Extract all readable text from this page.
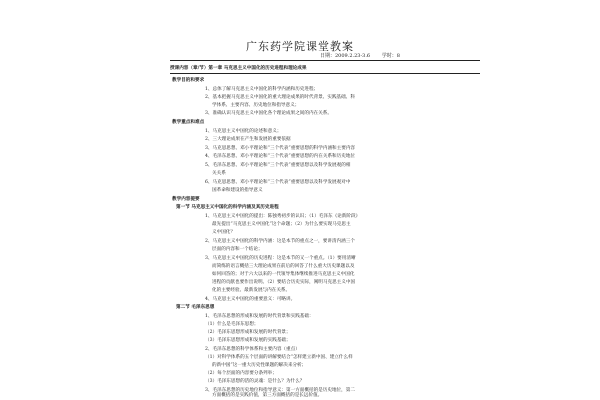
广东药学院课堂教案
日期：2009.2.23-3.6 学时：8
授课内容（章/节）第一章 马克思主义中国化的历史进程和理论成果
教学目的和要求
1、总体了解马克思主义中国化的科学内涵和历史进程；
2、基本把握马克思主义中国化的重大理论成果的时代背景、实践基础、科
学体系、主要内容、历史地位和指导意义；
3、准确认识马克思主义中国化各个理论成果之间的内在关系。
教学重点和难点
1、马克思主义中国化的论述和意义；
2、三大理论成果在产生和发展的重要依据
3、马克思思想、邓小平理论和“三个代表”重要思想的科学内涵和主要内容
4、毛泽东思想、邓小平理论和“三个代表”重要思想的内在关系和历史地位
5、毛泽东思想、邓小平理论和“三个代表”重要思想以及科学发展观的相
关关系
6、马克思思想、邓小平理论和“三个代表”重要思想以及科学发展观对中
国革命和建设的指导意义
教学内容提要
第一节 马克思主义中国化的科学内涵及其历史进程
1、马克思主义中国化的提出：陈独秀初步的认识；（1）毛泽东《论新阶段》
最先提出“马克思主义中国化”这个命题；（2）为什么要实现马克思主
义中国化？
2、马克思主义中国化的科学内涵：这是本节的重点之一，要讲清内涵三个
层面的内容和一个结论；
3、马克思主义中国化的历史进程：这是本节的又一个重点。（1）要用清晰
而简练的语言概括三大理论成果在前后的回答了什么重大历史课题以及
如何回答的；对于六大以来的一代领导集体继续推进马克思主义中国化
进程的贡献也要作出说明。（2）要结合历史实际，阐明马克思主义中国
化的主要经验、最新发展与内在关系。
4、马克思主义中国化的重要意义：可略讲。
第二节 毛泽东思想
1、毛泽东思想的形成和发展的时代背景和实践基础：
（1）什么是毛泽东思想；
（2）毛泽东思想形成和发展的时代背景；
（3）毛泽东思想形成和发展的实践基础；
2、毛泽东思想的科学体系和主要内容（重点）
（1）对科学体系的五个层面的讲解要结合“怎样建立新中国、建立什么样
的新中国”这一重大历史性课题的解决来分析；
（2）每个层面的内容要分条列举；
（3）毛泽东思想的活的灵魂：是什么？为什么？
3、毛泽东思想的历史地位和指导意义：第一方面概括的是历史地位，第二
方面概括的是实践价值，第三方面概括的是长远价值。
